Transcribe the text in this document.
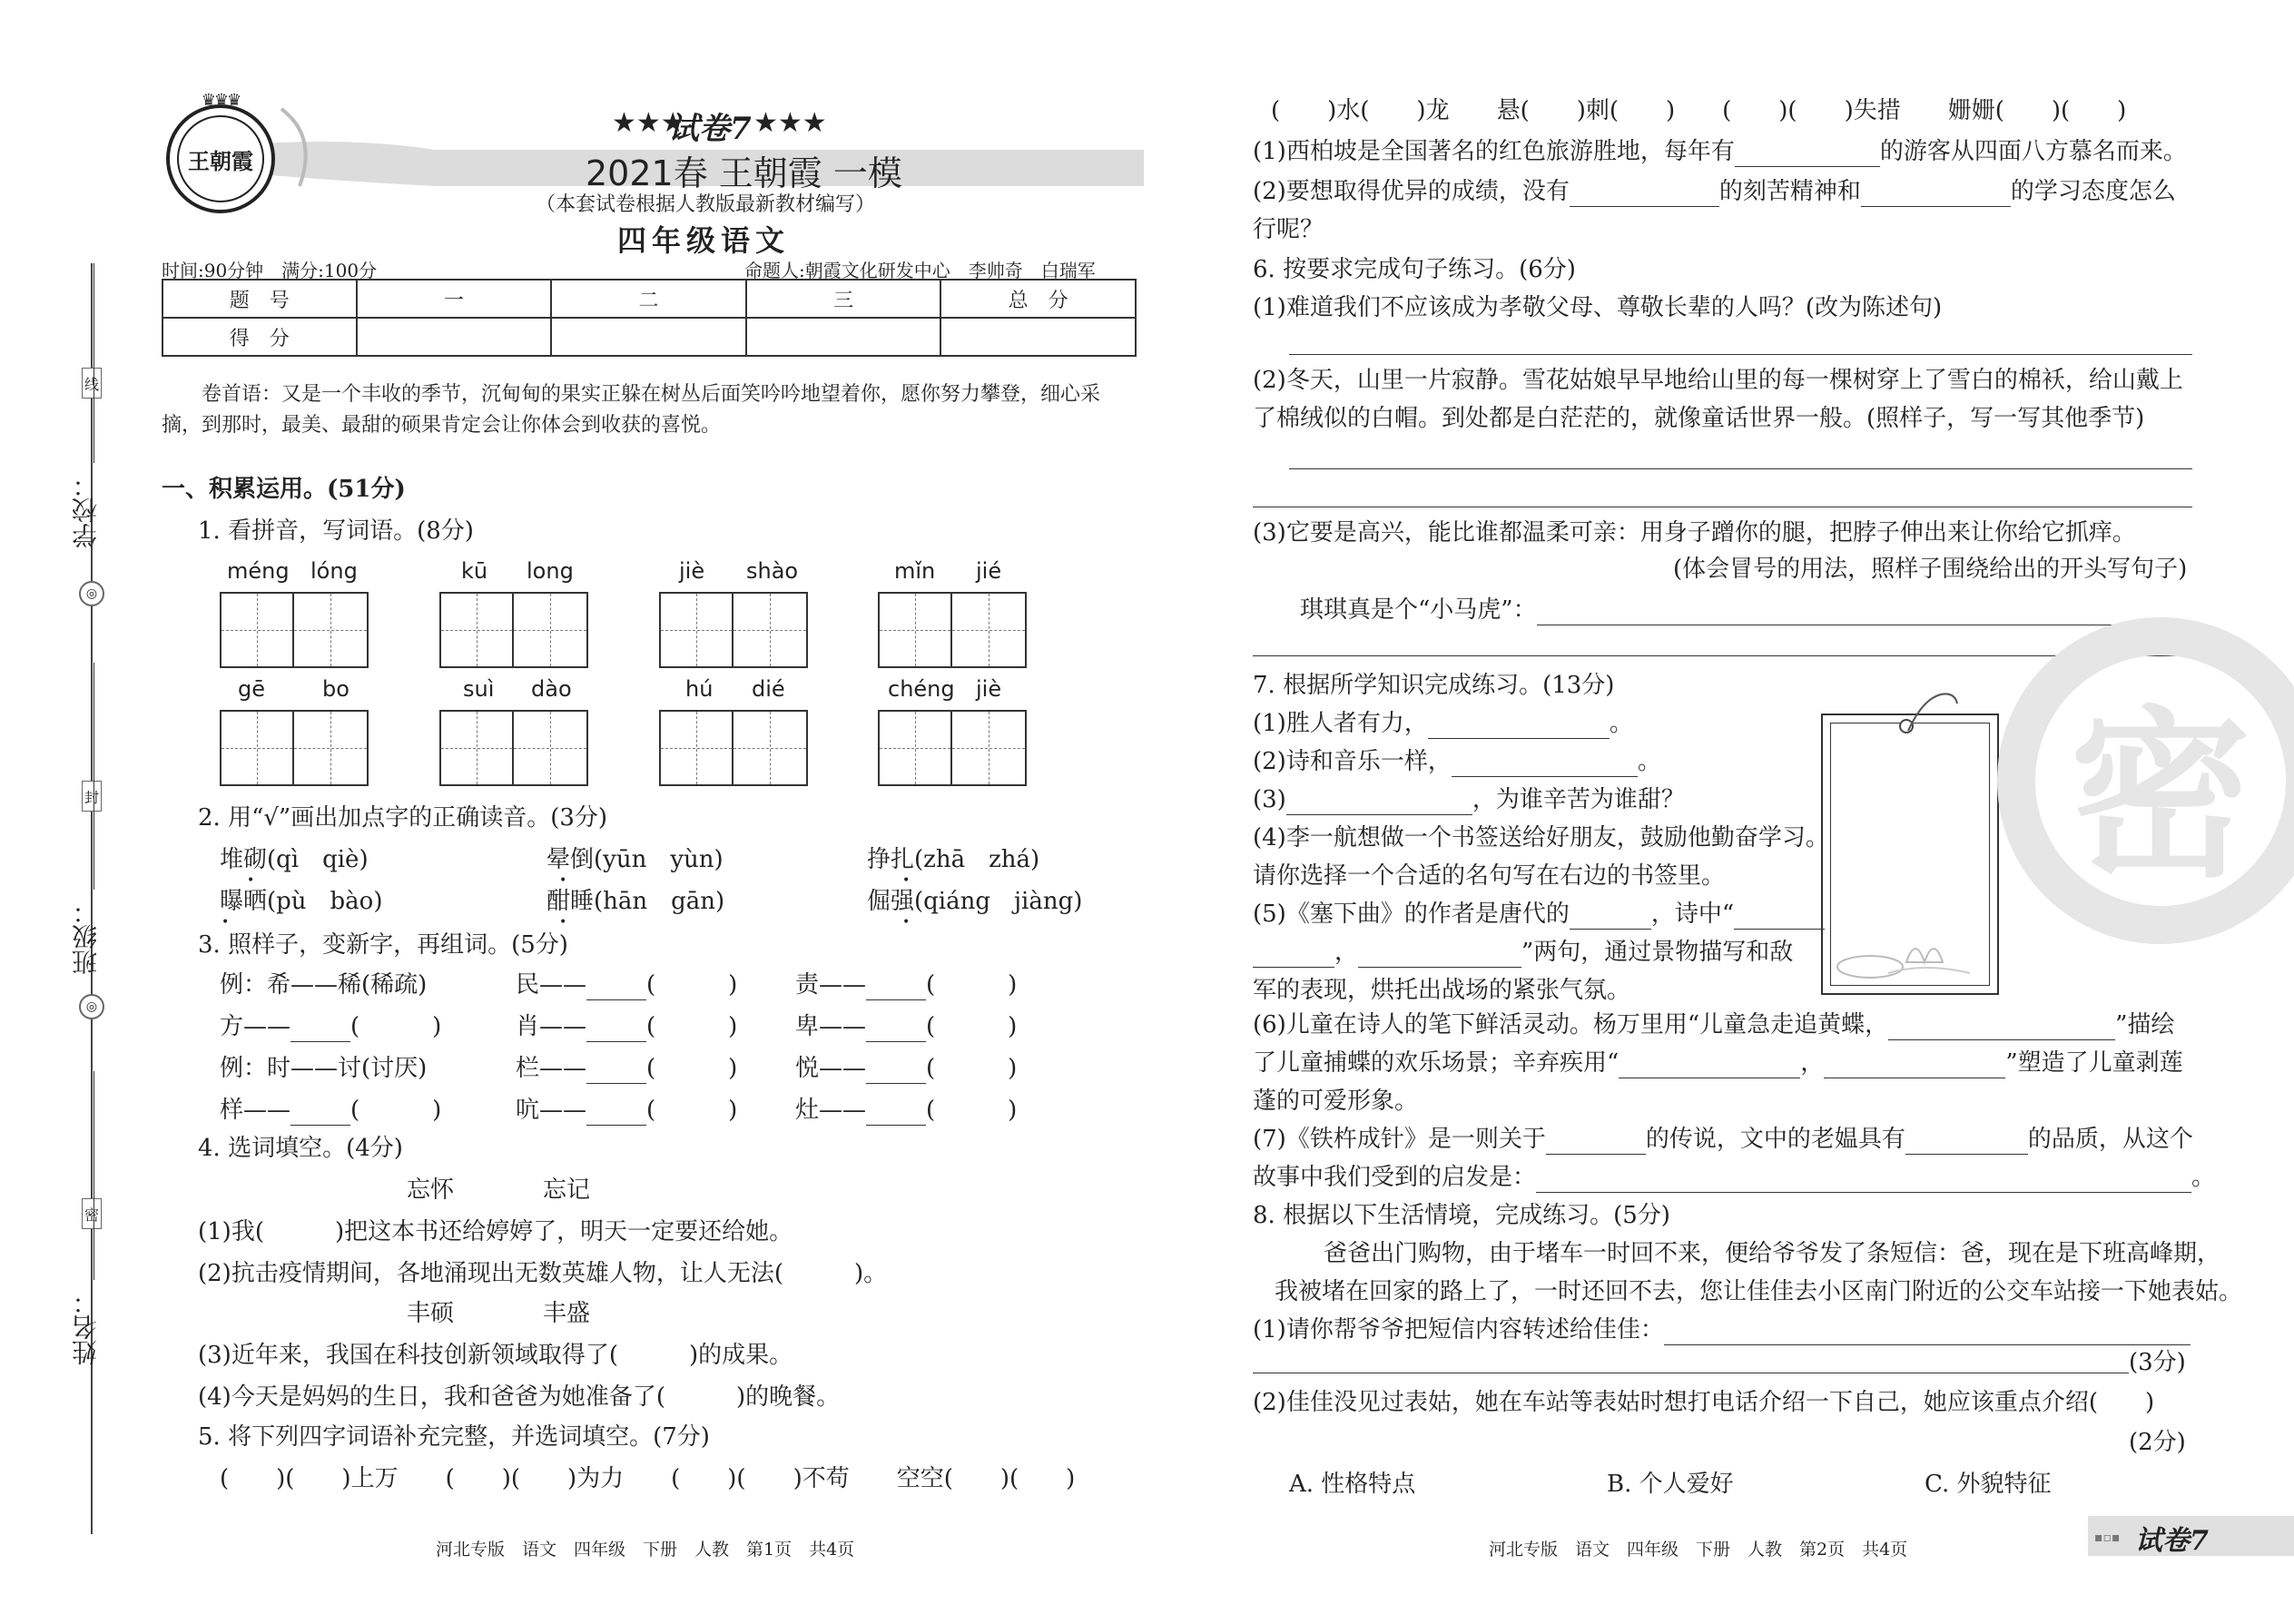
线
◎
封
◎
密
学校：
班级：
姓名：
王朝霞
♛♛♛
★★★
试卷7 ★★★
2021春 王朝霞 一模
（本套试卷根据人教版最新教材编写）
四年级语文
时间:90分钟　满分:100分	命题人:朝霞文化研发中心　李帅奇　白瑞军
题　号	一	二	三	总　分
得　分				
卷首语：又是一个丰收的季节，沉甸甸的果实正躲在树丛后面笑吟吟地望着你，愿你努力攀登，细心采
摘，到那时，最美、最甜的硕果肯定会让你体会到收获的喜悦。
一、积累运用。(51分)
1. 看拼音，写词语。(8分)
méng lóng	kū long	jiè shào	mǐn jié
gē	bo	suì dào	hú dié	chéng jiè
2. 用“√”画出加点字的正确读音。(3分)
堆砌(qì　qiè)	晕倒(yūn　yùn)	挣扎(zhā　zhá)
曝晒(pù　bào)	酣睡(hān　gān)	倔强(qiáng　jiàng)
•	•	•
•	•	•
3. 照样子，变新字，再组词。(5分)
例：希——稀(稀疏)	民——	(	) 责——	(	)
方——	(	)	肖——	(	) 卑——	(	)
例：时——讨(讨厌)	栏——	(	) 悦——	(	)
样——	(	)	吭——	(	) 灶——	(	)
4. 选词填空。(4分)
忘怀	忘记
(1)我(　　　)把这本书还给婷婷了，明天一定要还给她。
(2)抗击疫情期间，各地涌现出无数英雄人物，让人无法(　　　)。
丰硕	丰盛
(3)近年来，我国在科技创新领域取得了(　　　)的成果。
(4)今天是妈妈的生日，我和爸爸为她准备了(　　　)的晚餐。
5. 将下列四字词语补充完整，并选词填空。(7分)
(　　)(　　)上万　　(　　)(　　)为力　　(　　)(　　)不苟　　空空(　　)(　　)
(　　)水(　　)龙　　悬(　　)刺(　　)　　(　　)(　　)失措　　姗姗(　　)(　　)
(1)西柏坡是全国著名的红色旅游胜地，每年有	的游客从四面八方慕名而来。
(2)要想取得优异的成绩，没有	的刻苦精神和	的学习态度怎么
行呢？
6. 按要求完成句子练习。(6分)
(1)难道我们不应该成为孝敬父母、尊敬长辈的人吗？(改为陈述句)
(2)冬天，山里一片寂静。雪花姑娘早早地给山里的每一棵树穿上了雪白的棉袄，给山戴上
了棉绒似的白帽。到处都是白茫茫的，就像童话世界一般。(照样子，写一写其他季节)
(3)它要是高兴，能比谁都温柔可亲：用身子蹭你的腿，把脖子伸出来让你给它抓痒。
(体会冒号的用法，照样子围绕给出的开头写句子)
琪琪真是个“小马虎”：
7. 根据所学知识完成练习。(13分)
(1)胜人者有力，	。
(2)诗和音乐一样，	。
(3)	，为谁辛苦为谁甜？
(4)李一航想做一个书签送给好朋友，鼓励他勤奋学习。
请你选择一个合适的名句写在右边的书签里。
(5)《塞下曲》的作者是唐代的	，诗中“
，	”两句，通过景物描写和敌
军的表现，烘托出战场的紧张气氛。
(6)儿童在诗人的笔下鲜活灵动。杨万里用“儿童急走追黄蝶，	”描绘
了儿童捕蝶的欢乐场景；辛弃疾用“	，	”塑造了儿童剥莲
蓬的可爱形象。
(7)《铁杵成针》是一则关于	的传说，文中的老媪具有	的品质，从这个
故事中我们受到的启发是：	。
8. 根据以下生活情境，完成练习。(5分)
爸爸出门购物，由于堵车一时回不来，便给爷爷发了条短信：爸，现在是下班高峰期，
我被堵在回家的路上了，一时还回不去，您让佳佳去小区南门附近的公交车站接一下她表姑。
(1)请你帮爷爷把短信内容转述给佳佳：
(3分)
(2)佳佳没见过表姑，她在车站等表姑时想打电话介绍一下自己，她应该重点介绍(　　)
(2分)
A. 性格特点	B. 个人爱好	C. 外貌特征
密
河北专版　语文　四年级　下册　人教　第1页　共4页	河北专版　语文　四年级　下册　人教　第2页　共4页
▪▫▪ 试卷7
